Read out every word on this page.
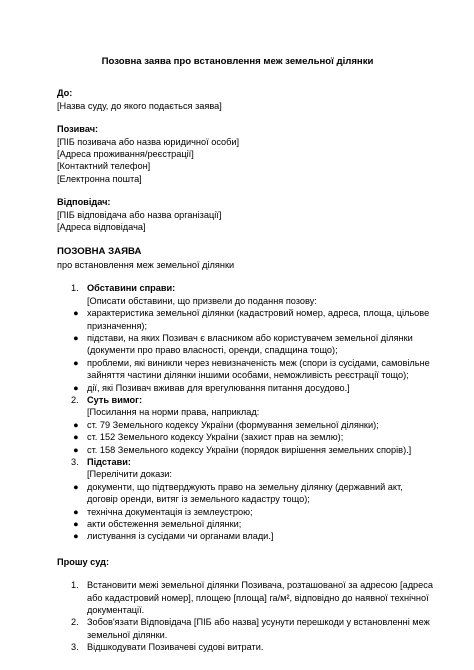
Позовна заява про встановлення меж земельної ділянки
До:
[Назва суду, до якого подається заява]
Позивач:
[ПІБ позивача або назва юридичної особи]
[Адреса проживання/реєстрації]
[Контактний телефон]
[Електронна пошта]
Відповідач:
[ПІБ відповідача або назва організації]
[Адреса відповідача]
ПОЗОВНА ЗАЯВА
про встановлення меж земельної ділянки
1. Обставини справи:
[Описати обставини, що призвели до подання позову:
● характеристика земельної ділянки (кадастровий номер, адреса, площа, цільове
призначення);
● підстави, на яких Позивач є власником або користувачем земельної ділянки
(документи про право власності, оренди, спадщина тощо);
● проблеми, які виникли через невизначеність меж (спори із сусідами, самовільне
зайняття частини ділянки іншими особами, неможливість реєстрації тощо);
● дії, які Позивач вживав для врегулювання питання досудово.]
2. Суть вимог:
[Посилання на норми права, наприклад:
● ст. 79 Земельного кодексу України (формування земельної ділянки);
● ст. 152 Земельного кодексу України (захист прав на землю);
● ст. 158 Земельного кодексу України (порядок вирішення земельних спорів).]
3. Підстави:
[Перелічити докази:
● документи, що підтверджують право на земельну ділянку (державний акт,
договір оренди, витяг із земельного кадастру тощо);
● технічна документація із землеустрою;
● акти обстеження земельної ділянки;
● листування із сусідами чи органами влади.]
Прошу суд:
1. Встановити межі земельної ділянки Позивача, розташованої за адресою [адреса
або кадастровий номер], площею [площа] га/м², відповідно до наявної технічної
документації.
2. Зобов'язати Відповідача [ПІБ або назва] усунути перешкоди у встановленні меж
земельної ділянки.
3. Відшкодувати Позивачеві судові витрати.
